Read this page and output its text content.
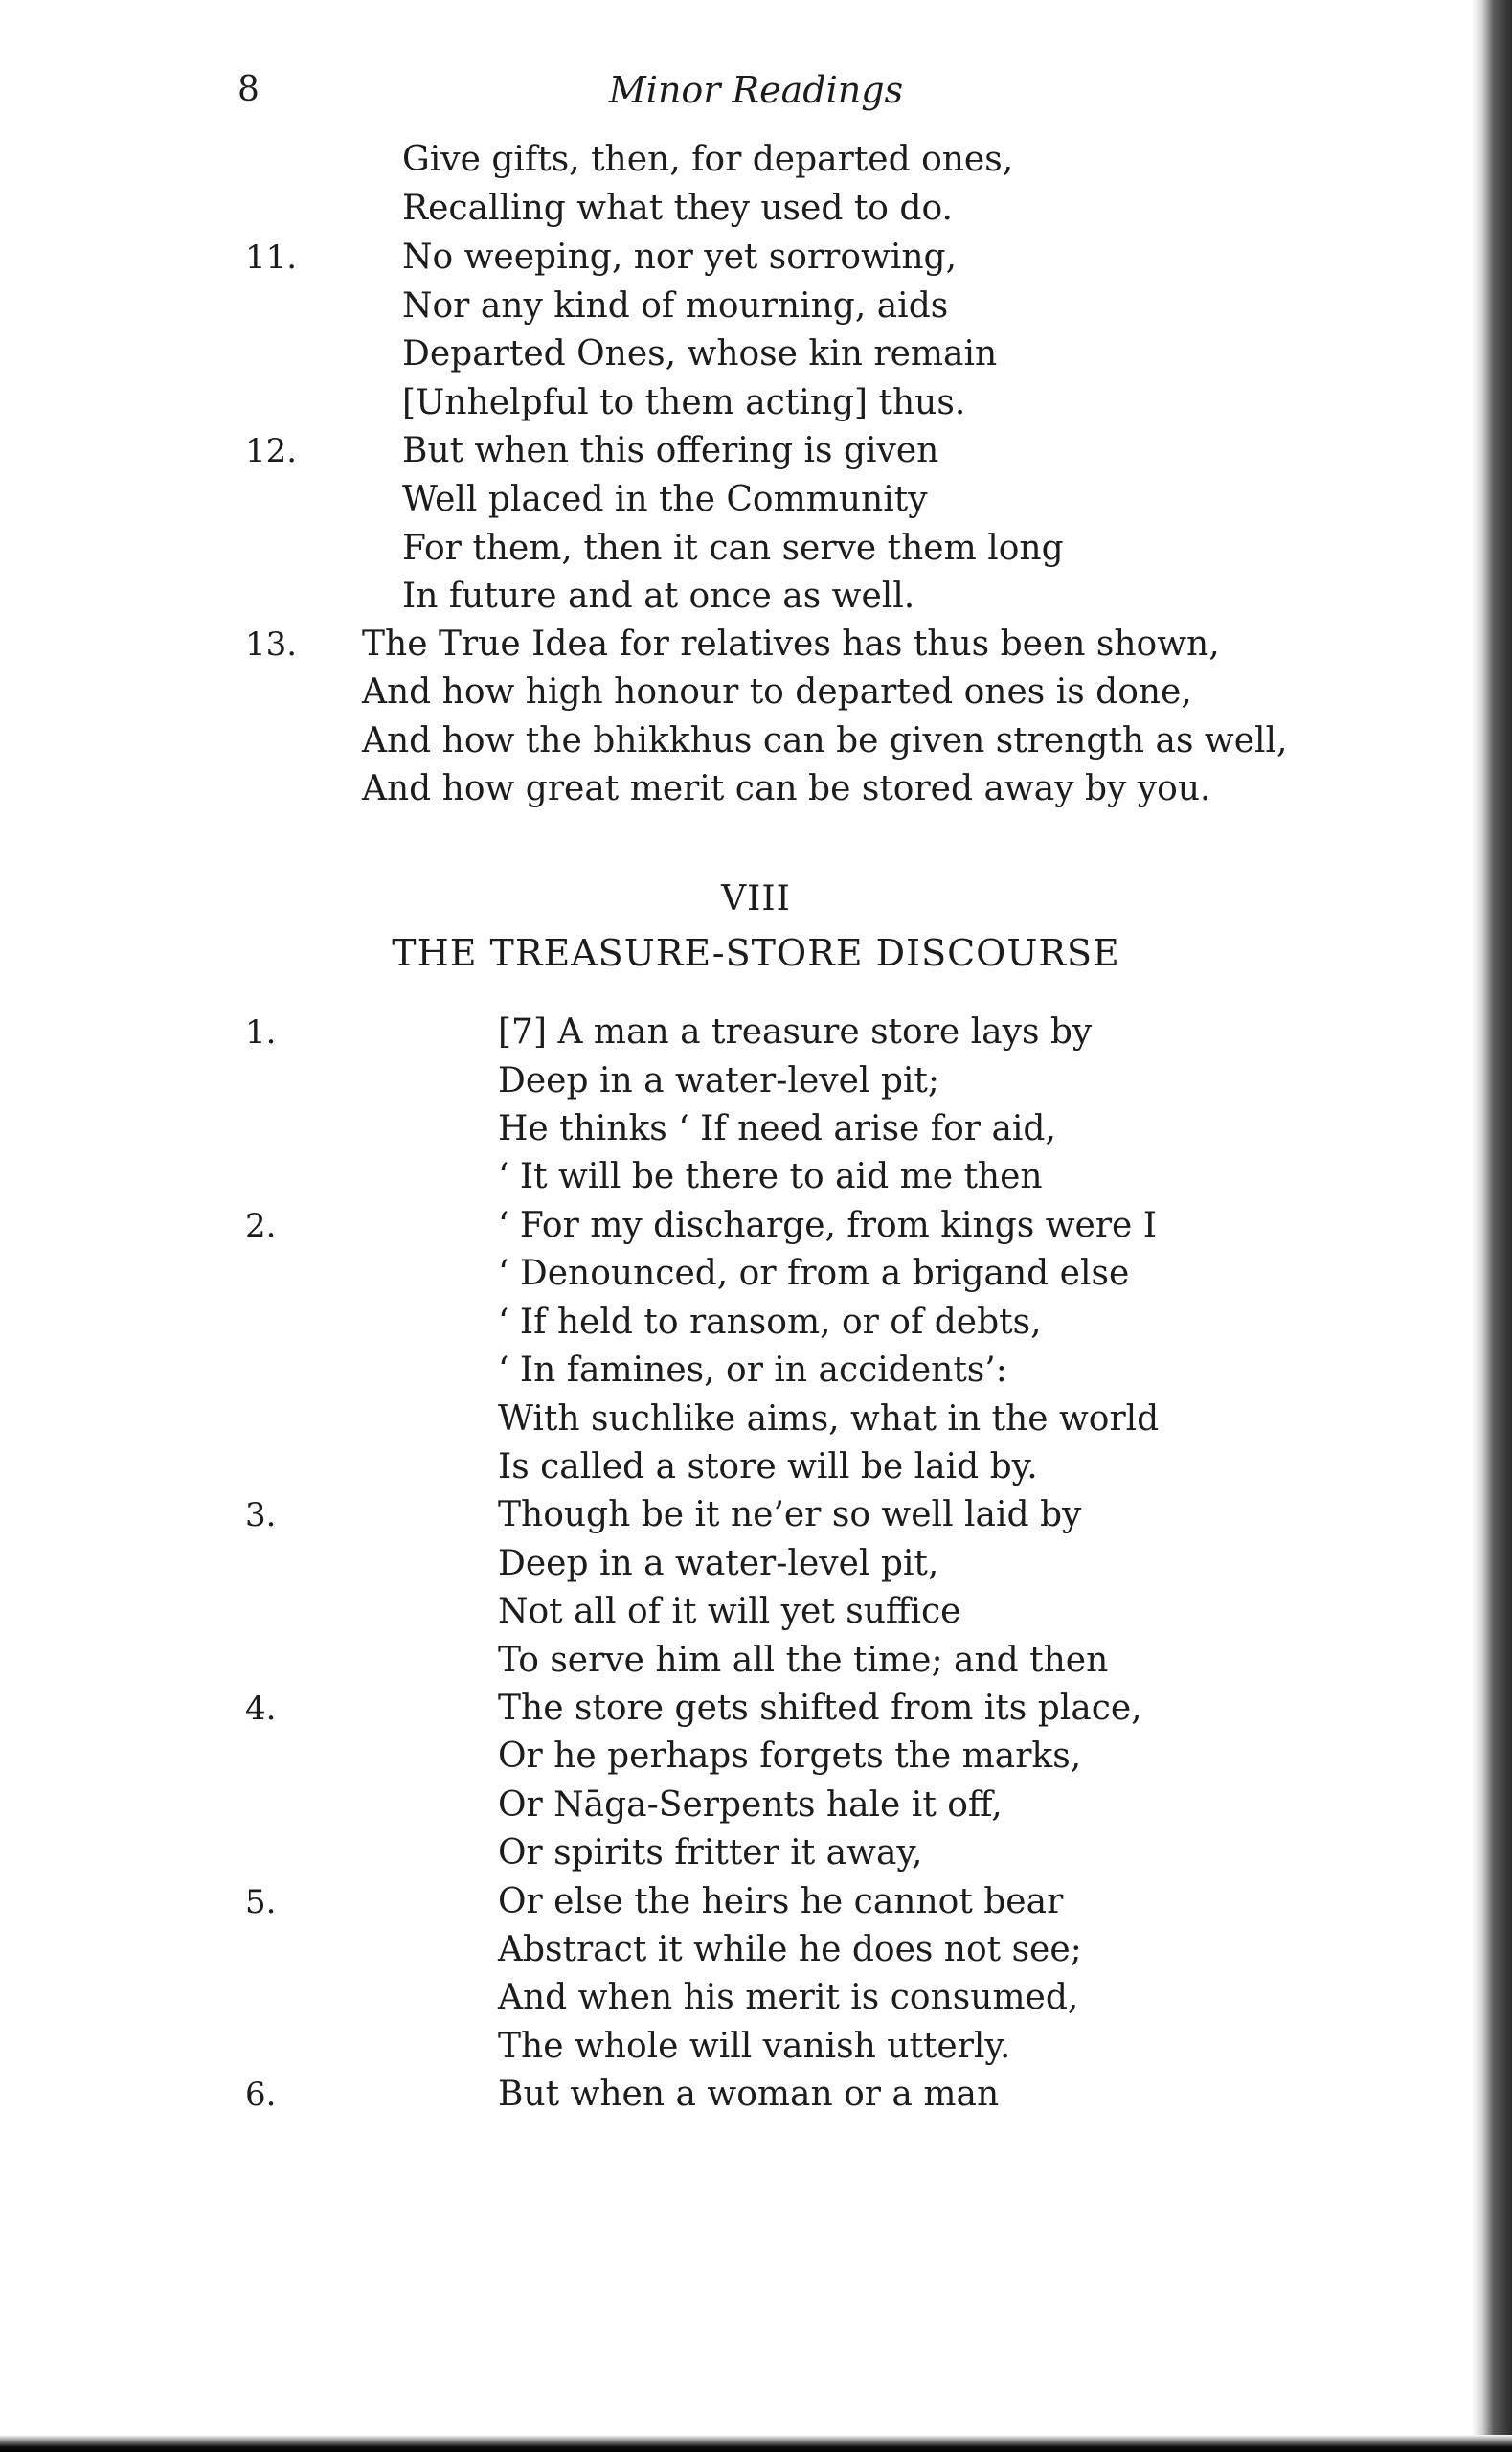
8	Minor Readings
Give gifts, then, for departed ones,
Recalling what they used to do.
No weeping, nor yet sorrowing,
Nor any kind of mourning, aids
Departed Ones, whose kin remain
[Unhelpful to them acting] thus.
But when this offering is given
Well placed in the Community
For them, then it can serve them long
In future and at once as well.
The True Idea for relatives has thus been shown,
And how high honour to departed ones is done,
And how the bhikkhus can be given strength as well,
And how great merit can be stored away by you.
11.
12.
13.
VIII
THE TREASURE-STORE DISCOURSE
[7] A man a treasure store lays by
Deep in a water-level pit;
He thinks ‘ If need arise for aid,
‘ It will be there to aid me then
‘ For my discharge, from kings were I
‘ Denounced, or from a brigand else
‘ If held to ransom, or of debts,
‘ In famines, or in accidents’:
With suchlike aims, what in the world
Is called a store will be laid by.
Though be it ne’er so well laid by
Deep in a water-level pit,
Not all of it will yet suffice
To serve him all the time; and then
The store gets shifted from its place,
Or he perhaps forgets the marks,
Or Nāga-Serpents hale it off,
Or spirits fritter it away,
Or else the heirs he cannot bear
Abstract it while he does not see;
And when his merit is consumed,
The whole will vanish utterly.
But when a woman or a man
1.
2.
3.
4.
5.
6.
